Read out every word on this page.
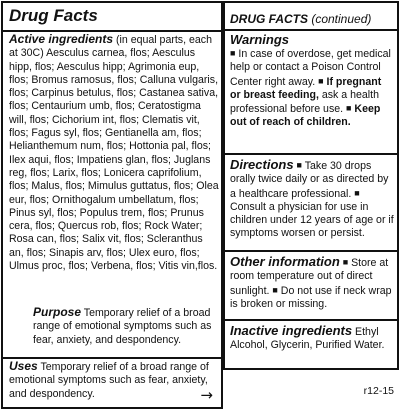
Drug Facts

Active ingredients (in equal parts, each at 30C) Aesculus carnea, flos; Aesculus hipp, flos; Aesculus hipp; Agrimonia eup, flos; Bromus ramosus, flos; Calluna vulgaris, flos; Carpinus betulus, flos; Castanea sativa, flos; Centaurium umb, flos; Ceratostigma will, flos; Cichorium int, flos; Clematis vit, flos; Fagus syl, flos; Gentianella am, flos; Helianthemum num, flos; Hottonia pal, flos; Ilex aqui, flos; Impatiens glan, flos; Juglans reg, flos; Larix, flos; Lonicera caprifolium, flos; Malus, flos; Mimulus guttatus, flos; Olea eur, flos; Ornithogalum umbellatum, flos; Pinus syl, flos; Populus trem, flos; Prunus cera, flos; Quercus rob, flos; Rock Water; Rosa can, flos; Salix vit, flos; Scleranthus an, flos; Sinapis arv, flos; Ulex euro, flos; Ulmus proc, flos; Verbena, flos; Vitis vin,flos.
Purpose Temporary relief of a broad range of emotional symptoms such as fear, anxiety, and despondency.
Uses Temporary relief of a broad range of emotional symptoms such as fear, anxiety, and despondency.	→
DRUG FACTS (continued)
Warnings
■ In case of overdose, get medical help or contact a Poison Control Center right away. ■ If pregnant or breast feeding, ask a health professional before use. ■ Keep out of reach of children.
Directions ■ Take 30 drops orally twice daily or as directed by a healthcare professional. ■ Consult a physician for use in children under 12 years of age or if symptoms worsen or persist.
Other information ■ Store at room temperature out of direct sunlight. ■ Do not use if neck wrap is broken or missing.
Inactive ingredients Ethyl Alcohol, Glycerin, Purified Water.
r12-15
